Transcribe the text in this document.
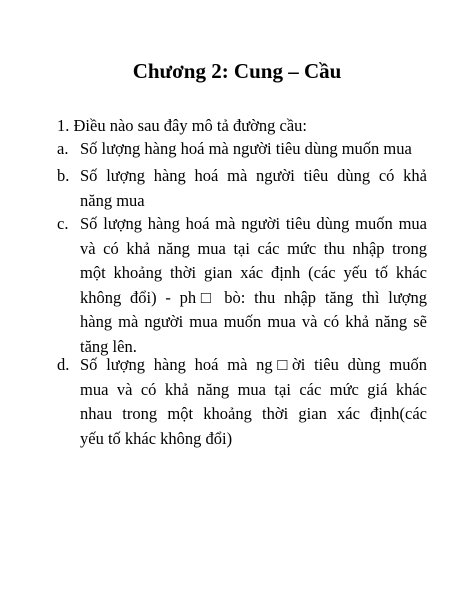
Chương 2: Cung – Cầu
1. Điều nào sau đây mô tả đường cầu:
a. Số lượng hàng hoá mà người tiêu dùng muốn mua
b. Số lượng hàng hoá mà người tiêu dùng có khả
năng mua
c. Số lượng hàng hoá mà người tiêu dùng muốn mua
và có khả năng mua tại các mức thu nhập trong
một khoảng thời gian xác định (các yếu tố khác
không đổi) - ph□ bò: thu nhập tăng thì lượng
hàng mà người mua muốn mua và có khả năng sẽ
tăng lên.
d. Số lượng hàng hoá mà ng□ời tiêu dùng muốn
mua và có khả năng mua tại các mức giá khác
nhau trong một khoảng thời gian xác định(các
yếu tố khác không đổi)
